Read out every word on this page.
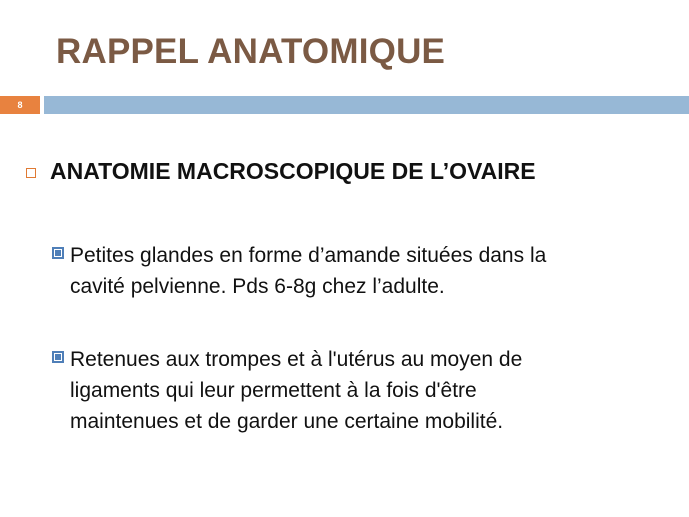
RAPPEL ANATOMIQUE
8
ANATOMIE MACROSCOPIQUE DE L’OVAIRE
Petites glandes en forme d’amande situées dans la
cavité pelvienne. Pds 6-8g chez l’adulte.
Retenues aux trompes et à l'utérus au moyen de
ligaments qui leur permettent à la fois d'être
maintenues et de garder une certaine mobilité.
